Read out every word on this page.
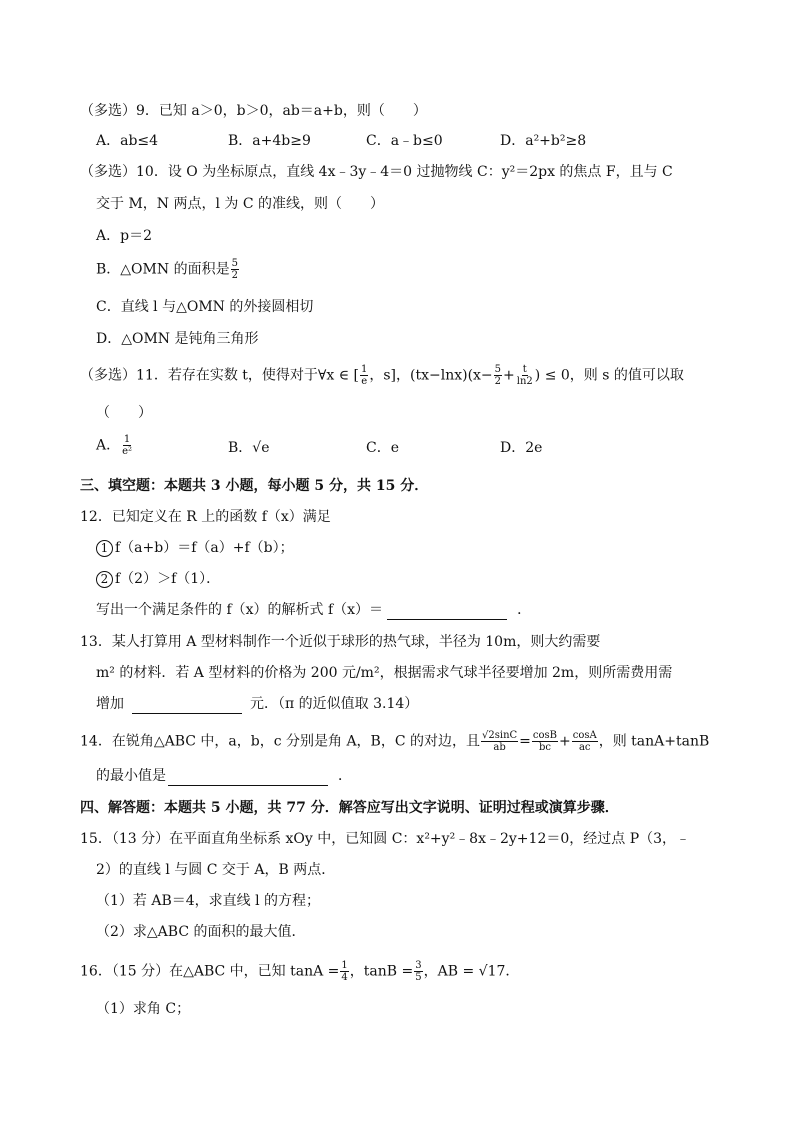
（多选）9．已知 a＞0，b＞0，ab＝a+b，则（　　）
A．ab≤4	B．a+4b≥9	C．a﹣b≤0	D．a²+b²≥8
（多选）10．设 O 为坐标原点，直线 4x﹣3y﹣4＝0 过抛物线 C：y²＝2px 的焦点 F，且与 C
交于 M，N 两点，l 为 C 的准线，则（　　）
A．p＝2
B．△OMN 的面积是 $\frac{5}{2}$
C．直线 l 与△OMN 的外接圆相切
D．△OMN 是钝角三角形
（多选）11．若存在实数 t，使得对于∀x ∈ [ $\frac{1}{e}$ ，s]，$(tx-\ln x)(x- \frac{5}{2} + \frac{t}{\ln 2}$ ) ≤ 0，则 s 的值可以取
（　　）
A． $\frac{1}{\text{e²}}$	B．√e	C．e	D．2e
三、填空题：本题共 3 小题，每小题 5 分，共 15 分．
12．已知定义在 R 上的函数 f（x）满足
1 f（a+b）＝f（a）+f（b）；
2 f（2）＞f（1）．
写出一个满足条件的 f（x）的解析式 f（x）＝	．
13．某人打算用 A 型材料制作一个近似于球形的热气球，半径为 10m，则大约需要
m² 的材料．若 A 型材料的价格为 200 元/m²，根据需求气球半径要增加 2m，则所需费用需
增加	元．（π 的近似值取 3.14）
14．在锐角△ABC 中，a，b，c 分别是角 A，B，C 的对边，且 $\frac{√2\sin C}{ab} = \frac{\cos B}{bc} + \frac{\cos A}{ac}$ ，则 tanA+tanB
的最小值是	．
四、解答题：本题共 5 小题，共 77 分．解答应写出文字说明、证明过程或演算步骤．
15．（13 分）在平面直角坐标系 xOy 中，已知圆 C：x²+y²﹣8x﹣2y+12＝0，经过点 P（3，﹣
2）的直线 l 与圆 C 交于 A，B 两点．
（1）若 AB＝4，求直线 l 的方程；
（2）求△ABC 的面积的最大值．
16．（15 分）在△ABC 中，已知 $\tan A = \frac{1}{4}$ ，$\tan B = \frac{3}{5}$ ，AB = √17．
（1）求角 C；
